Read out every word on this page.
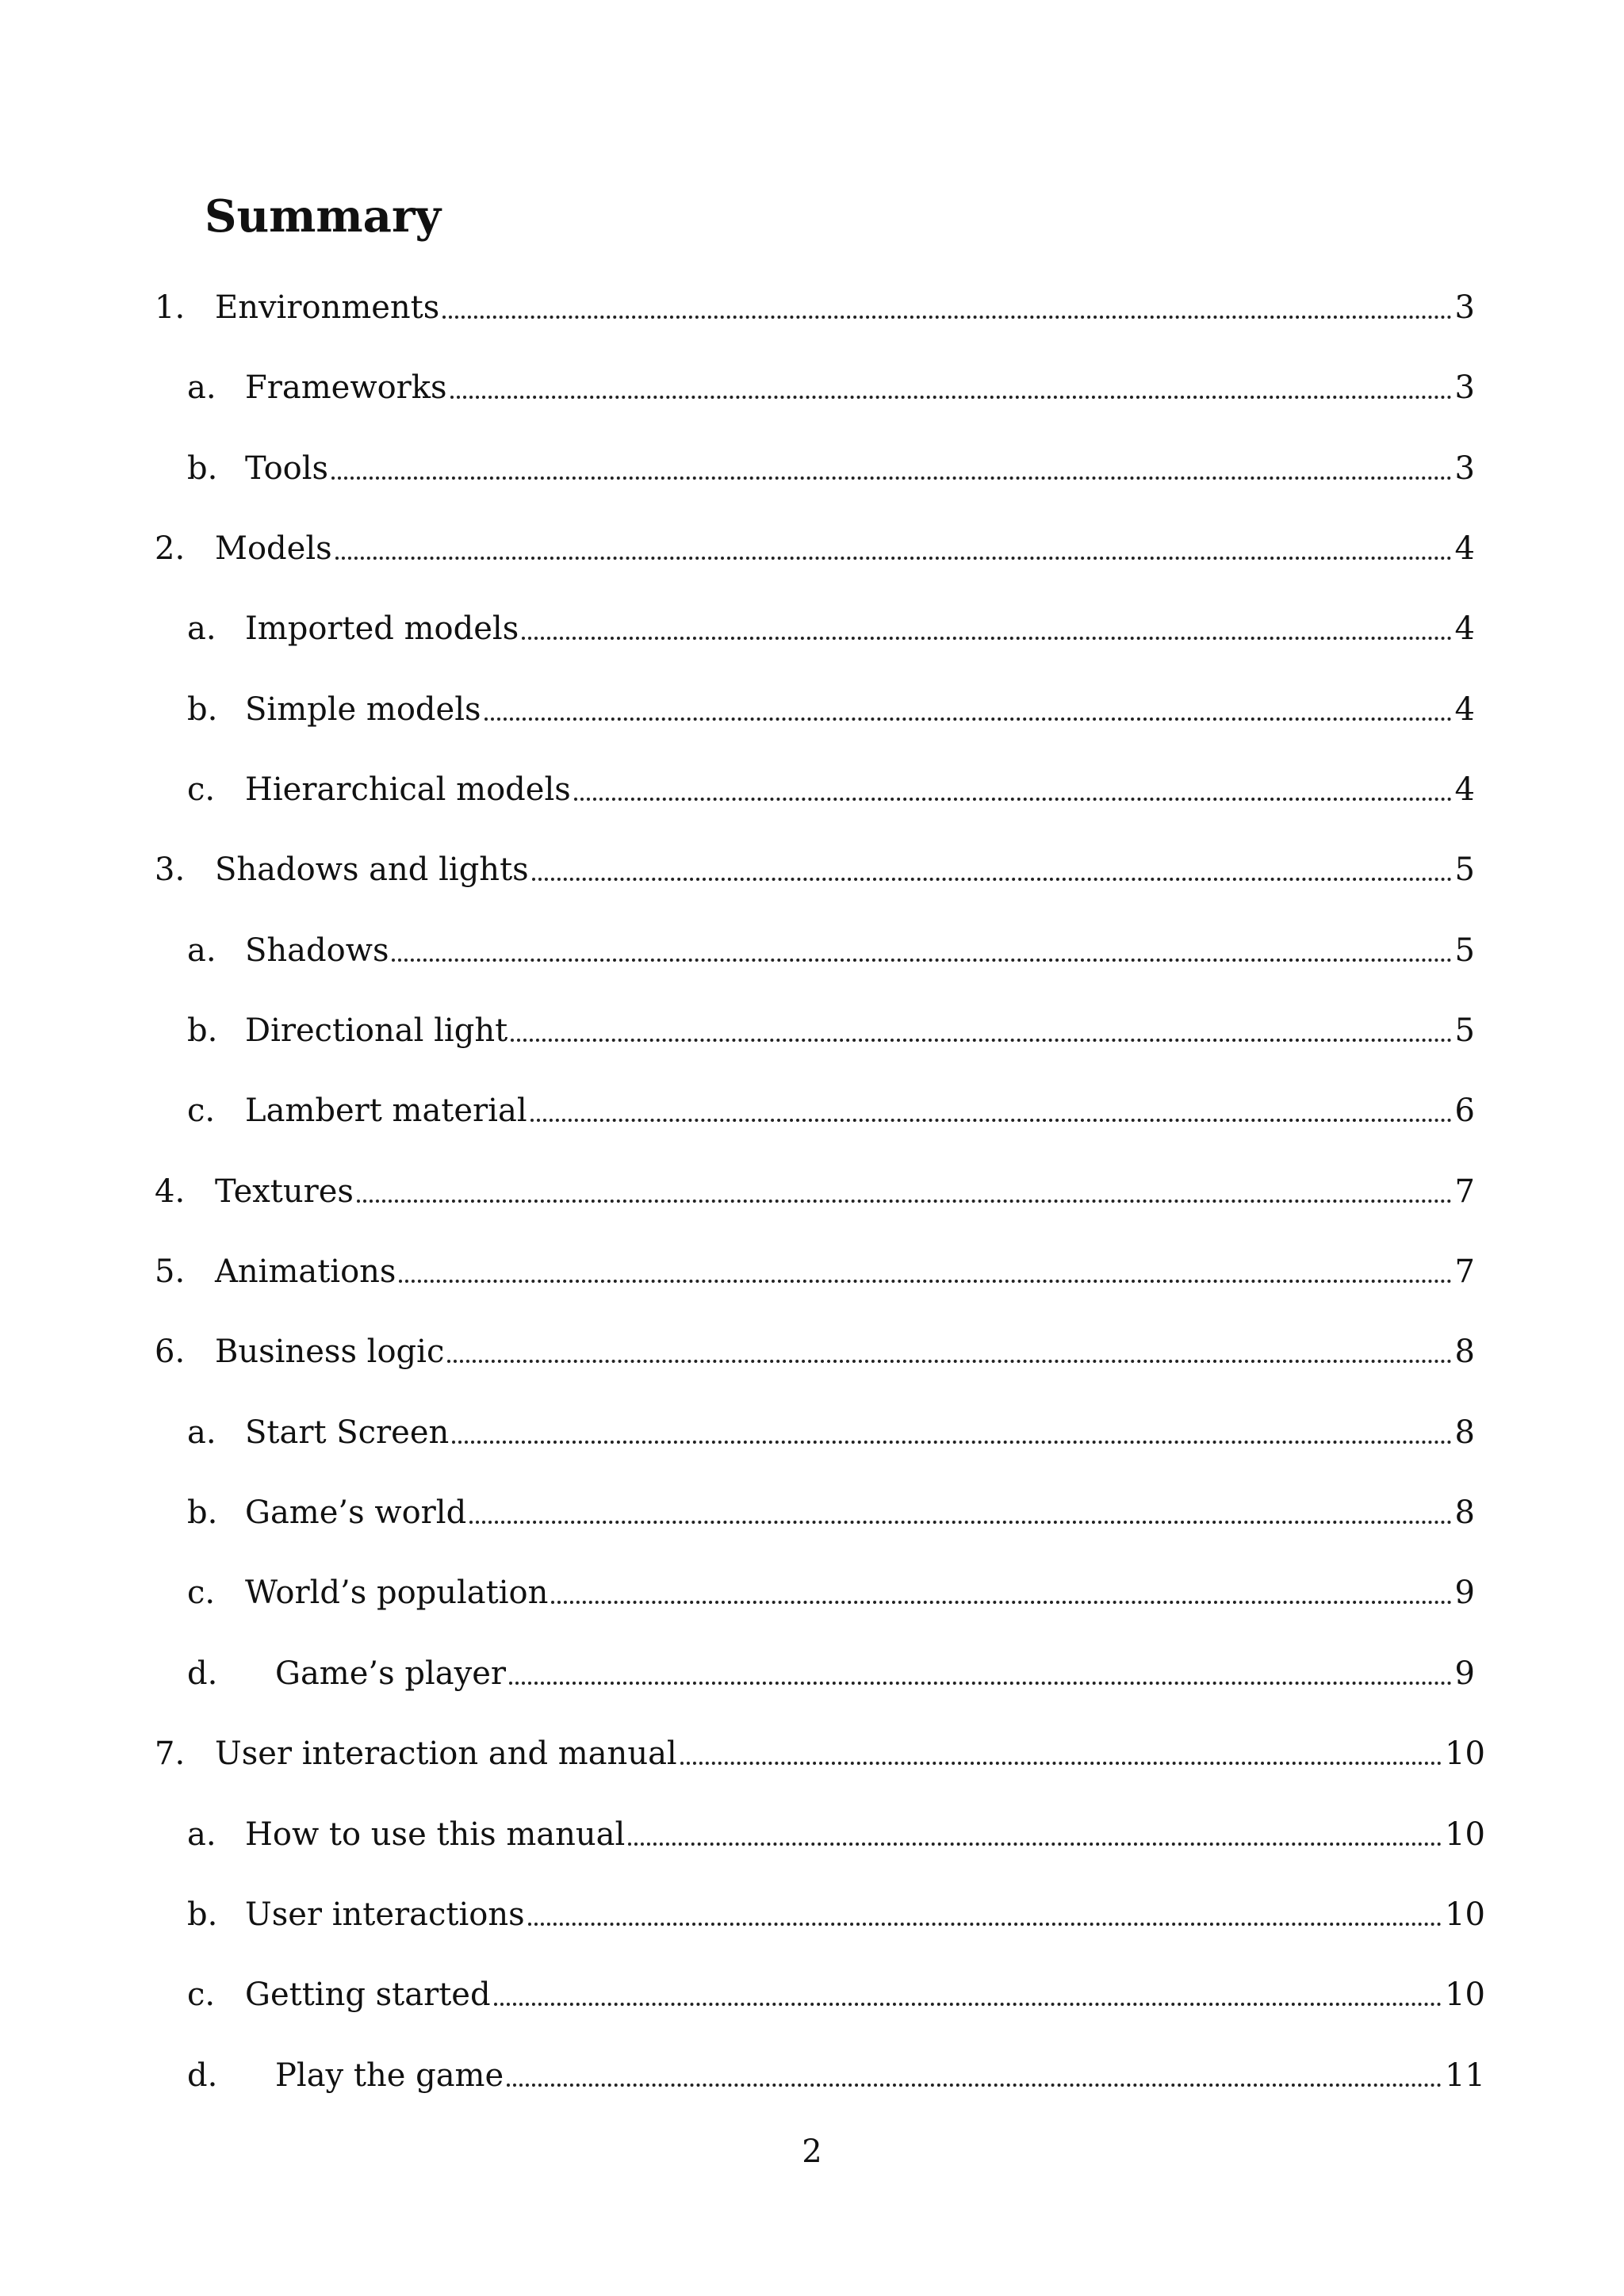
Summary
1. Environments	3
a. Frameworks	3
b. Tools	3
2. Models	4
a. Imported models	4
b. Simple models	4
c. Hierarchical models	4
3. Shadows and lights	5
a. Shadows	5
b. Directional light	5
c. Lambert material	6
4. Textures	7
5. Animations	7
6. Business logic	8
a. Start Screen	8
b. Game’s world	8
c. World’s population	9
d. Game’s player	9
7. User interaction and manual	10
a. How to use this manual	10
b. User interactions	10
c. Getting started	10
d. Play the game	11
2
